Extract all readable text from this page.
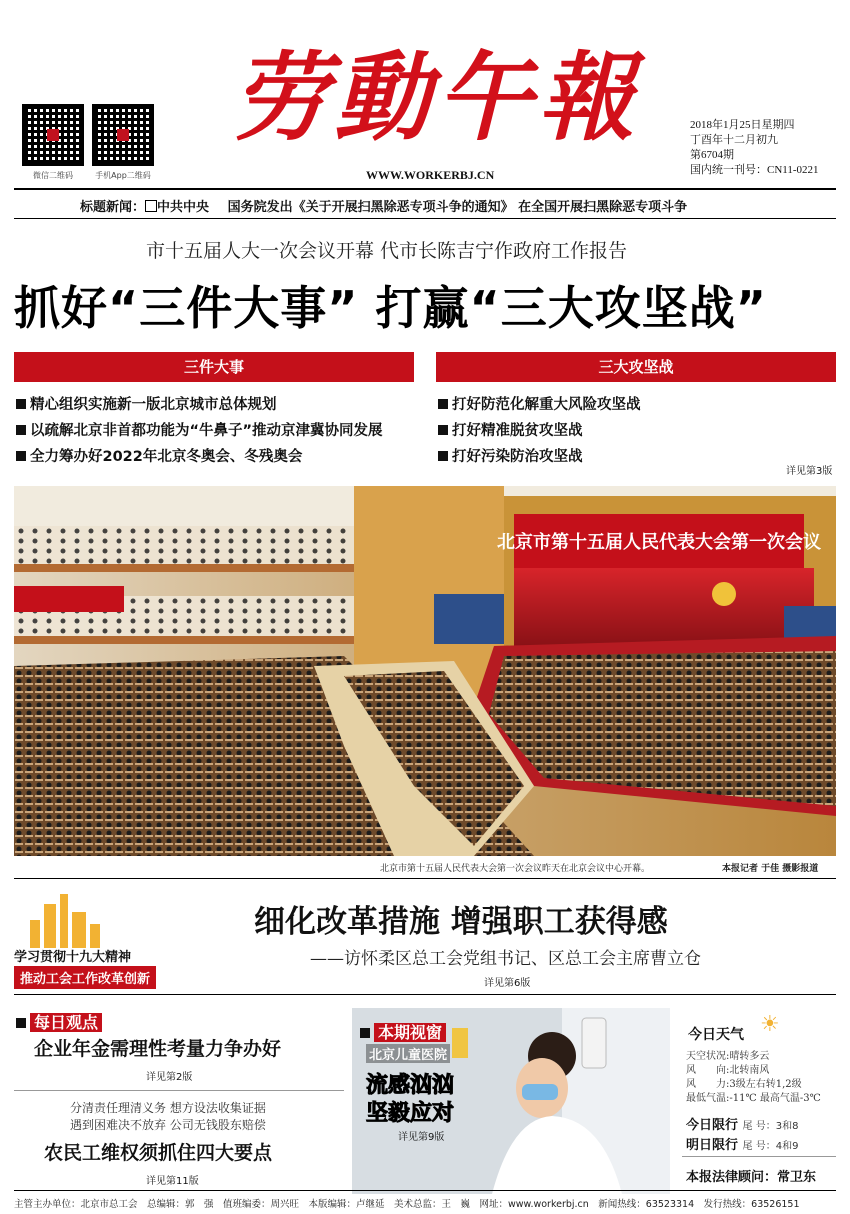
微信二维码	手机App二维码
劳動午報
WWW.WORKERBJ.CN
2018年1月25日星期四
丁酉年十二月初九
第6704期
国内统一刊号：CN11-0221
标题新闻： 中共中央 国务院发出《关于开展扫黑除恶专项斗争的通知》 在全国开展扫黑除恶专项斗争
市十五届人大一次会议开幕 代市长陈吉宁作政府工作报告
抓好“三件大事” 打赢“三大攻坚战”
三件大事	三大攻坚战
精心组织实施新一版北京城市总体规划
以疏解北京非首都功能为“牛鼻子”推动京津冀协同发展
全力筹办好2022年北京冬奥会、冬残奥会
打好防范化解重大风险攻坚战
打好精准脱贫攻坚战
打好污染防治攻坚战
详见第3版
北京市第十五届人民代表大会第一次会议
北京市第十五届人民代表大会第一次会议昨天在北京会议中心开幕。	本报记者 于佳 摄影报道
学习贯彻十九大精神
推动工会工作改革创新
细化改革措施 增强职工获得感
——访怀柔区总工会党组书记、区总工会主席曹立仓
详见第6版
每日观点
企业年金需理性考量力争办好
详见第2版
分清责任理清义务 想方设法收集证据
遇到困难决不放弃 公司无钱股东赔偿
农民工维权须抓住四大要点
详见第11版
本期视窗
北京儿童医院
流感汹汹
坚毅应对
详见第9版
今日天气 ☀
天空状况:晴转多云
风　　向:北转南风
风　　力:3级左右转1,2级
最低气温:-11℃ 最高气温-3℃
今日限行 尾 号：3和8
明日限行 尾 号：4和9
本报法律顾问：常卫东
主管主办单位：北京市总工会　总编辑：郭　强　值班编委：周兴旺　本版编辑：卢继延　美术总监：王　巍　网址：www.workerbj.cn　新闻热线：63523314　发行热线：63526151
